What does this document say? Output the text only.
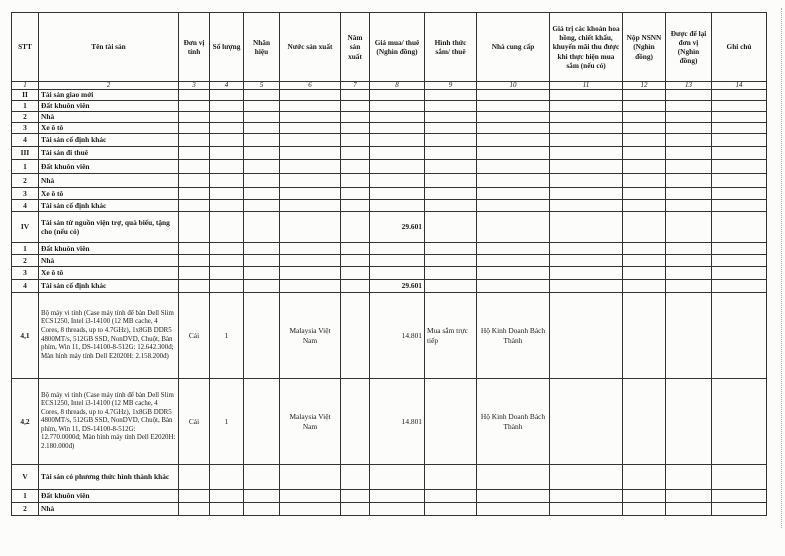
STT	Tên tài sản	Đơn vị tính	Số lượng	Nhãn hiệu	Nước sản xuất	Năm sản xuất	Giá mua/ thuê (Nghìn đồng)	Hình thức sắm/ thuê	Nhà cung cấp	Giá trị các khoản hoa hồng, chiết khấu, khuyến mãi thu được khi thực hiện mua sắm (nếu có)	Nộp NSNN (Nghìn đồng)	Được để lại đơn vị (Nghìn đồng)	Ghi chú
1	2	3	4	5	6	7	8	9	10	11	12	13	14
II	Tài sản giao mới												
1	Đất khuôn viên												
2	Nhà												
3	Xe ô tô												
4	Tài sản cố định khác												
III	Tài sản đi thuê												
1	Đất khuôn viên												
2	Nhà												
3	Xe ô tô												
4	Tài sản cố định khác												
IV	Tài sản từ nguồn viện trợ, quà biếu, tặng cho (nếu có)						29.601						
1	Đất khuôn viên												
2	Nhà												
3	Xe ô tô												
4	Tài sản cố định khác						29.601						
4,1	Bộ máy vi tính (Case máy tính để bàn Dell Slim ECS1250, Intel i3-14100 (12 MB cache, 4 Cores, 8 threads, up to 4.7GHz), 1x8GB DDR5 4800MT/s, 512GB SSD, NonDVD, Chuột, Bàn phím, Win 11, DS-14100-8-512G: 12.642.300đ; Màn hình máy tính Dell E2020H: 2.158.200đ)	Cái	1		Malaysia Việt Nam		14.801	Mua sắm trực tiếp	Hộ Kinh Doanh Bách Thành				
4,2	Bộ máy vi tính (Case máy tính để bàn Dell Slim ECS1250, Intel i3-14100 (12 MB cache, 4 Cores, 8 threads, up to 4.7GHz), 1x8GB DDR5 4800MT/s, 512GB SSD, NonDVD, Chuột, Bàn phím, Win 11, DS-14100-8-512G: 12.770.0000đ; Màn hình máy tính Dell E2020H: 2.180.000đ)	Cái	1		Malaysia Việt Nam		14.801		Hộ Kinh Doanh Bách Thành				
V	Tài sản có phương thức hình thành khác												
1	Đất khuôn viên												
2	Nhà												
